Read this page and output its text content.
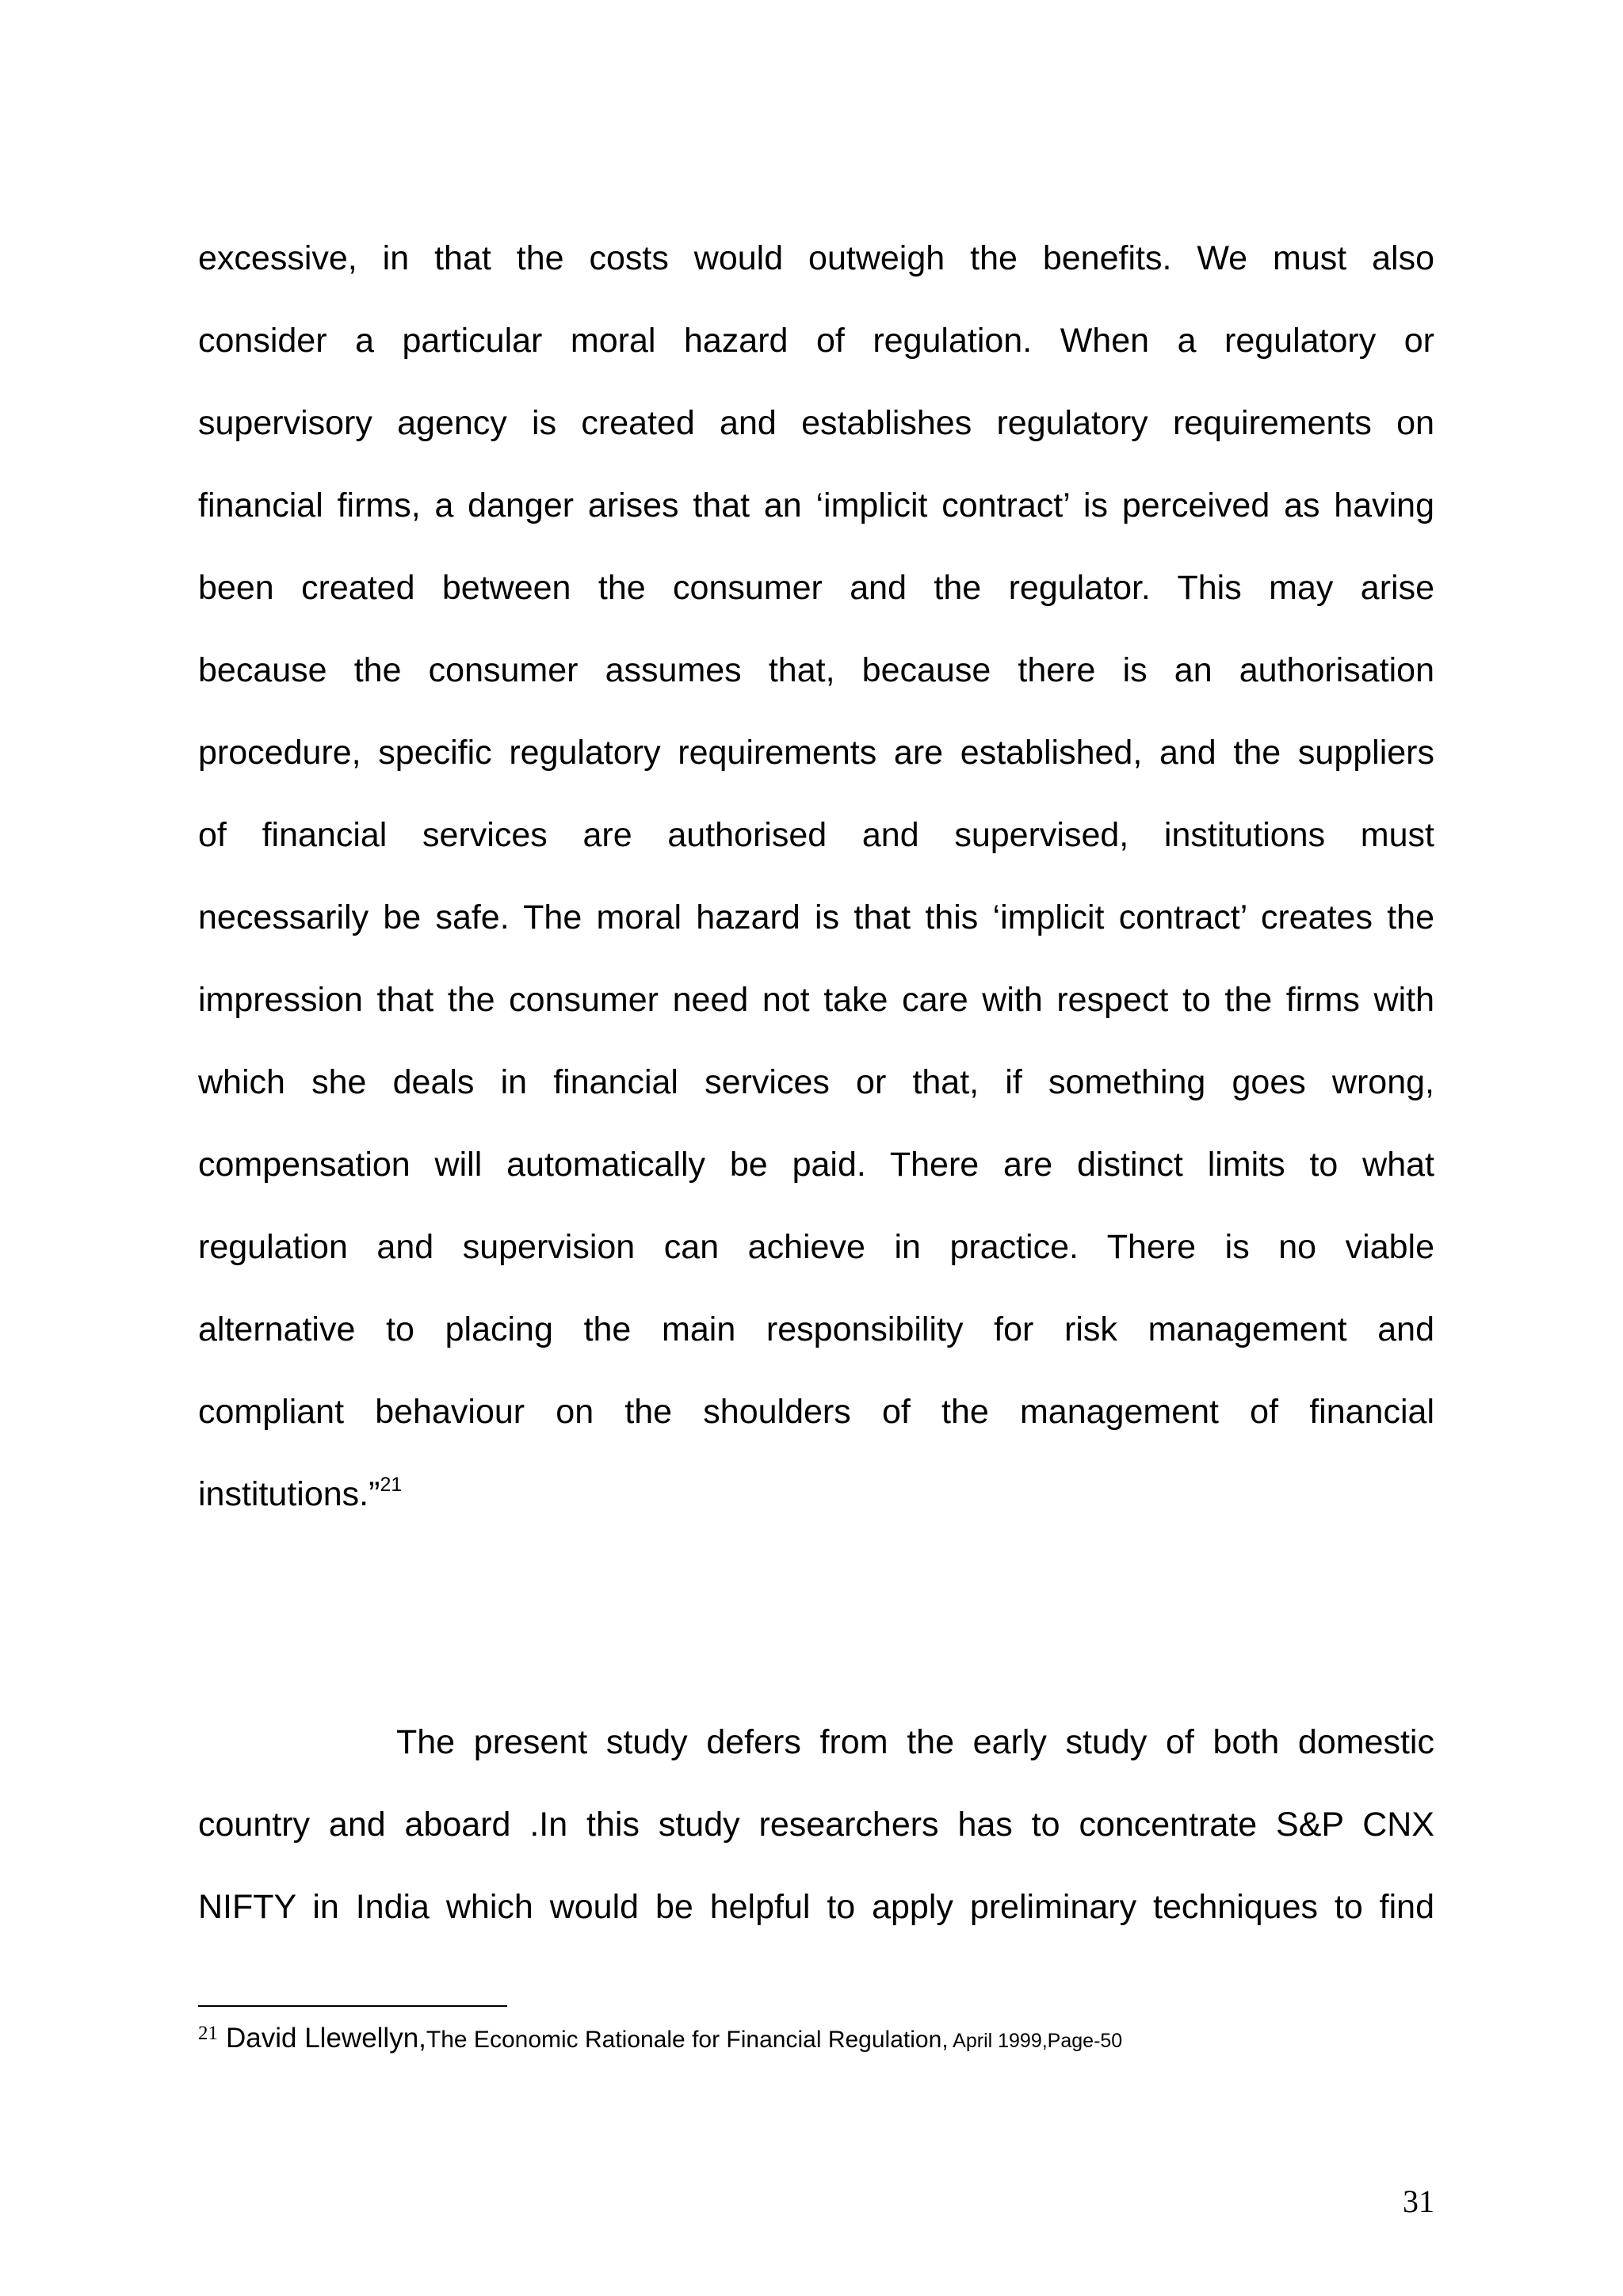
excessive, in that the costs would outweigh the benefits. We must also
consider a particular moral hazard of regulation. When a regulatory or
supervisory agency is created and establishes regulatory requirements on
financial firms, a danger arises that an ‘implicit contract’ is perceived as having
been created between the consumer and the regulator. This may arise
because the consumer assumes that, because there is an authorisation
procedure, specific regulatory requirements are established, and the suppliers
of financial services are authorised and supervised, institutions must
necessarily be safe. The moral hazard is that this ‘implicit contract’ creates the
impression that the consumer need not take care with respect to the firms with
which she deals in financial services or that, if something goes wrong,
compensation will automatically be paid. There are distinct limits to what
regulation and supervision can achieve in practice. There is no viable
alternative to placing the main responsibility for risk management and
compliant behaviour on the shoulders of the management of financial
institutions.”$^{21}$
The present study defers from the early study of both domestic
country and aboard .In this study researchers has to concentrate S&P CNX
NIFTY in India which would be helpful to apply preliminary techniques to find
21 David Llewellyn,The Economic Rationale for Financial Regulation, April 1999,Page-50
31
